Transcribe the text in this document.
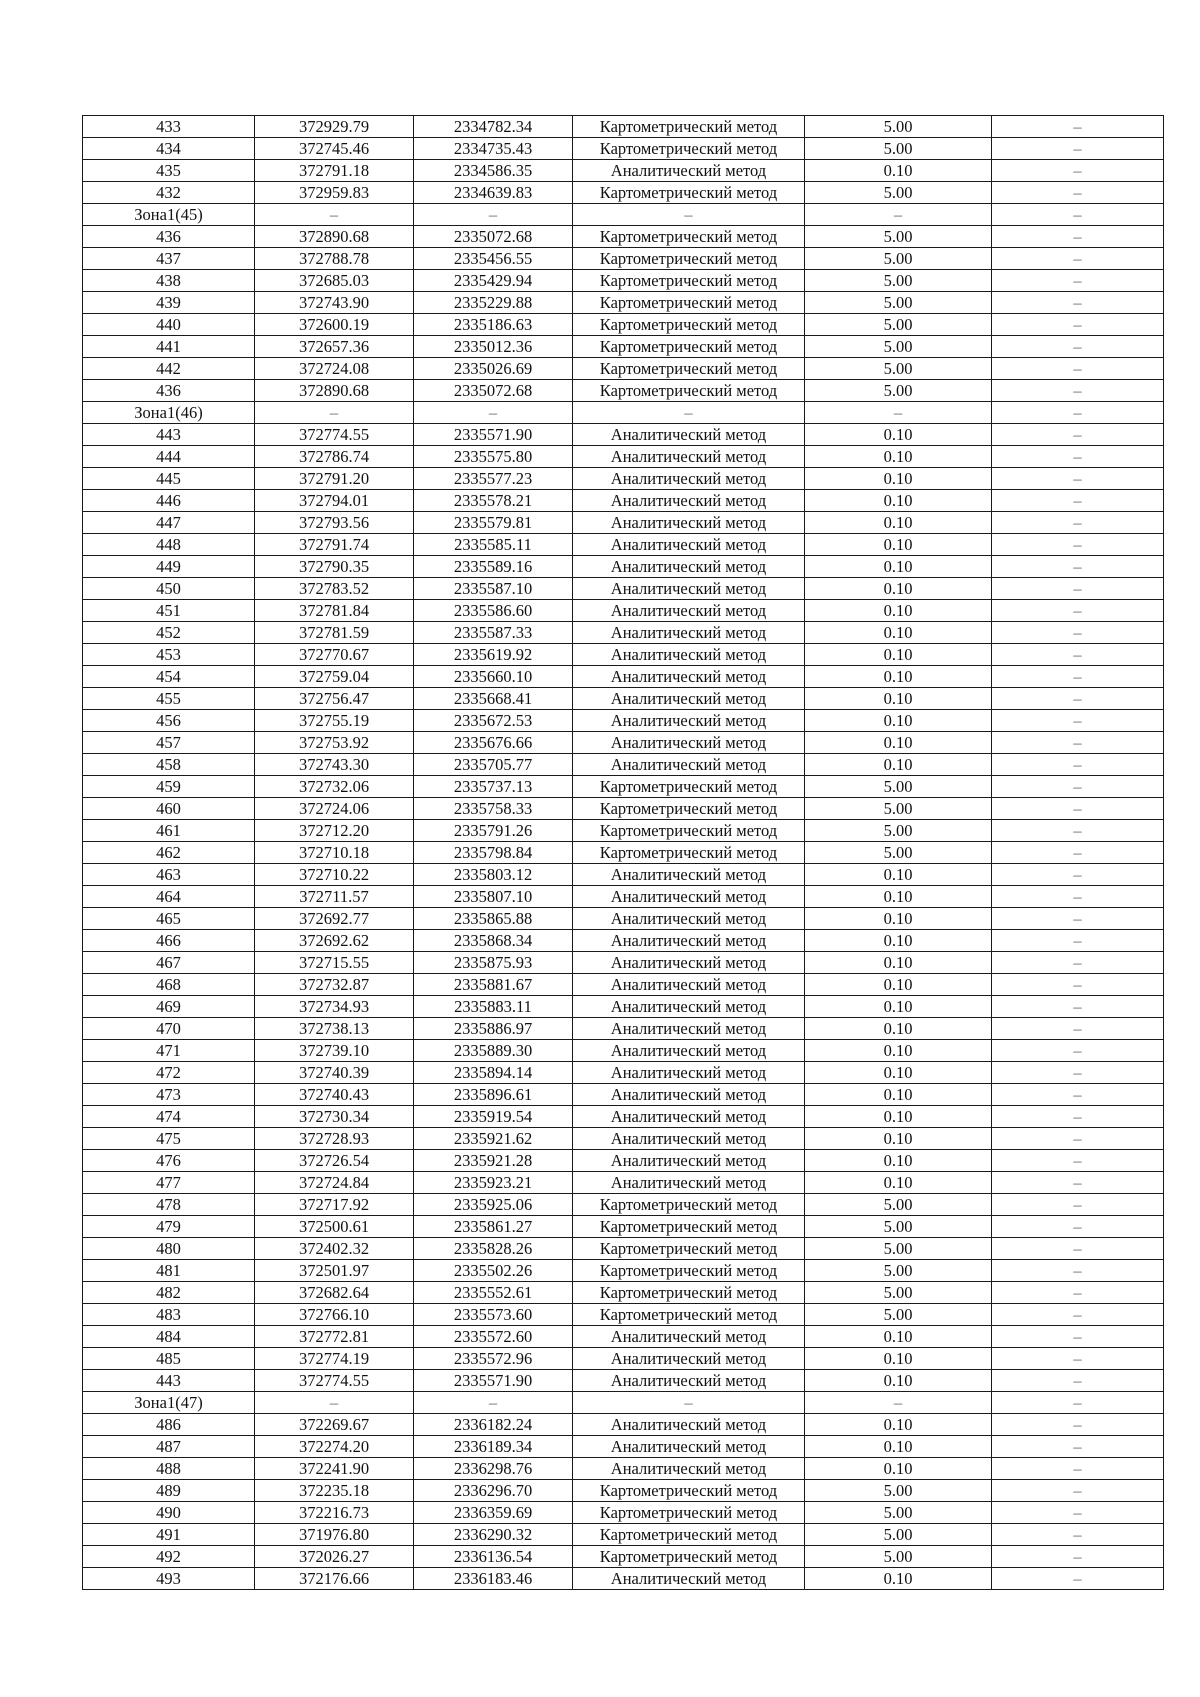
433	372929.79	2334782.34	Картометрический метод	5.00	–
434	372745.46	2334735.43	Картометрический метод	5.00	–
435	372791.18	2334586.35	Аналитический метод	0.10	–
432	372959.83	2334639.83	Картометрический метод	5.00	–
Зона1(45)	–	–	–	–	–
436	372890.68	2335072.68	Картометрический метод	5.00	–
437	372788.78	2335456.55	Картометрический метод	5.00	–
438	372685.03	2335429.94	Картометрический метод	5.00	–
439	372743.90	2335229.88	Картометрический метод	5.00	–
440	372600.19	2335186.63	Картометрический метод	5.00	–
441	372657.36	2335012.36	Картометрический метод	5.00	–
442	372724.08	2335026.69	Картометрический метод	5.00	–
436	372890.68	2335072.68	Картометрический метод	5.00	–
Зона1(46)	–	–	–	–	–
443	372774.55	2335571.90	Аналитический метод	0.10	–
444	372786.74	2335575.80	Аналитический метод	0.10	–
445	372791.20	2335577.23	Аналитический метод	0.10	–
446	372794.01	2335578.21	Аналитический метод	0.10	–
447	372793.56	2335579.81	Аналитический метод	0.10	–
448	372791.74	2335585.11	Аналитический метод	0.10	–
449	372790.35	2335589.16	Аналитический метод	0.10	–
450	372783.52	2335587.10	Аналитический метод	0.10	–
451	372781.84	2335586.60	Аналитический метод	0.10	–
452	372781.59	2335587.33	Аналитический метод	0.10	–
453	372770.67	2335619.92	Аналитический метод	0.10	–
454	372759.04	2335660.10	Аналитический метод	0.10	–
455	372756.47	2335668.41	Аналитический метод	0.10	–
456	372755.19	2335672.53	Аналитический метод	0.10	–
457	372753.92	2335676.66	Аналитический метод	0.10	–
458	372743.30	2335705.77	Аналитический метод	0.10	–
459	372732.06	2335737.13	Картометрический метод	5.00	–
460	372724.06	2335758.33	Картометрический метод	5.00	–
461	372712.20	2335791.26	Картометрический метод	5.00	–
462	372710.18	2335798.84	Картометрический метод	5.00	–
463	372710.22	2335803.12	Аналитический метод	0.10	–
464	372711.57	2335807.10	Аналитический метод	0.10	–
465	372692.77	2335865.88	Аналитический метод	0.10	–
466	372692.62	2335868.34	Аналитический метод	0.10	–
467	372715.55	2335875.93	Аналитический метод	0.10	–
468	372732.87	2335881.67	Аналитический метод	0.10	–
469	372734.93	2335883.11	Аналитический метод	0.10	–
470	372738.13	2335886.97	Аналитический метод	0.10	–
471	372739.10	2335889.30	Аналитический метод	0.10	–
472	372740.39	2335894.14	Аналитический метод	0.10	–
473	372740.43	2335896.61	Аналитический метод	0.10	–
474	372730.34	2335919.54	Аналитический метод	0.10	–
475	372728.93	2335921.62	Аналитический метод	0.10	–
476	372726.54	2335921.28	Аналитический метод	0.10	–
477	372724.84	2335923.21	Аналитический метод	0.10	–
478	372717.92	2335925.06	Картометрический метод	5.00	–
479	372500.61	2335861.27	Картометрический метод	5.00	–
480	372402.32	2335828.26	Картометрический метод	5.00	–
481	372501.97	2335502.26	Картометрический метод	5.00	–
482	372682.64	2335552.61	Картометрический метод	5.00	–
483	372766.10	2335573.60	Картометрический метод	5.00	–
484	372772.81	2335572.60	Аналитический метод	0.10	–
485	372774.19	2335572.96	Аналитический метод	0.10	–
443	372774.55	2335571.90	Аналитический метод	0.10	–
Зона1(47)	–	–	–	–	–
486	372269.67	2336182.24	Аналитический метод	0.10	–
487	372274.20	2336189.34	Аналитический метод	0.10	–
488	372241.90	2336298.76	Аналитический метод	0.10	–
489	372235.18	2336296.70	Картометрический метод	5.00	–
490	372216.73	2336359.69	Картометрический метод	5.00	–
491	371976.80	2336290.32	Картометрический метод	5.00	–
492	372026.27	2336136.54	Картометрический метод	5.00	–
493	372176.66	2336183.46	Аналитический метод	0.10	–
